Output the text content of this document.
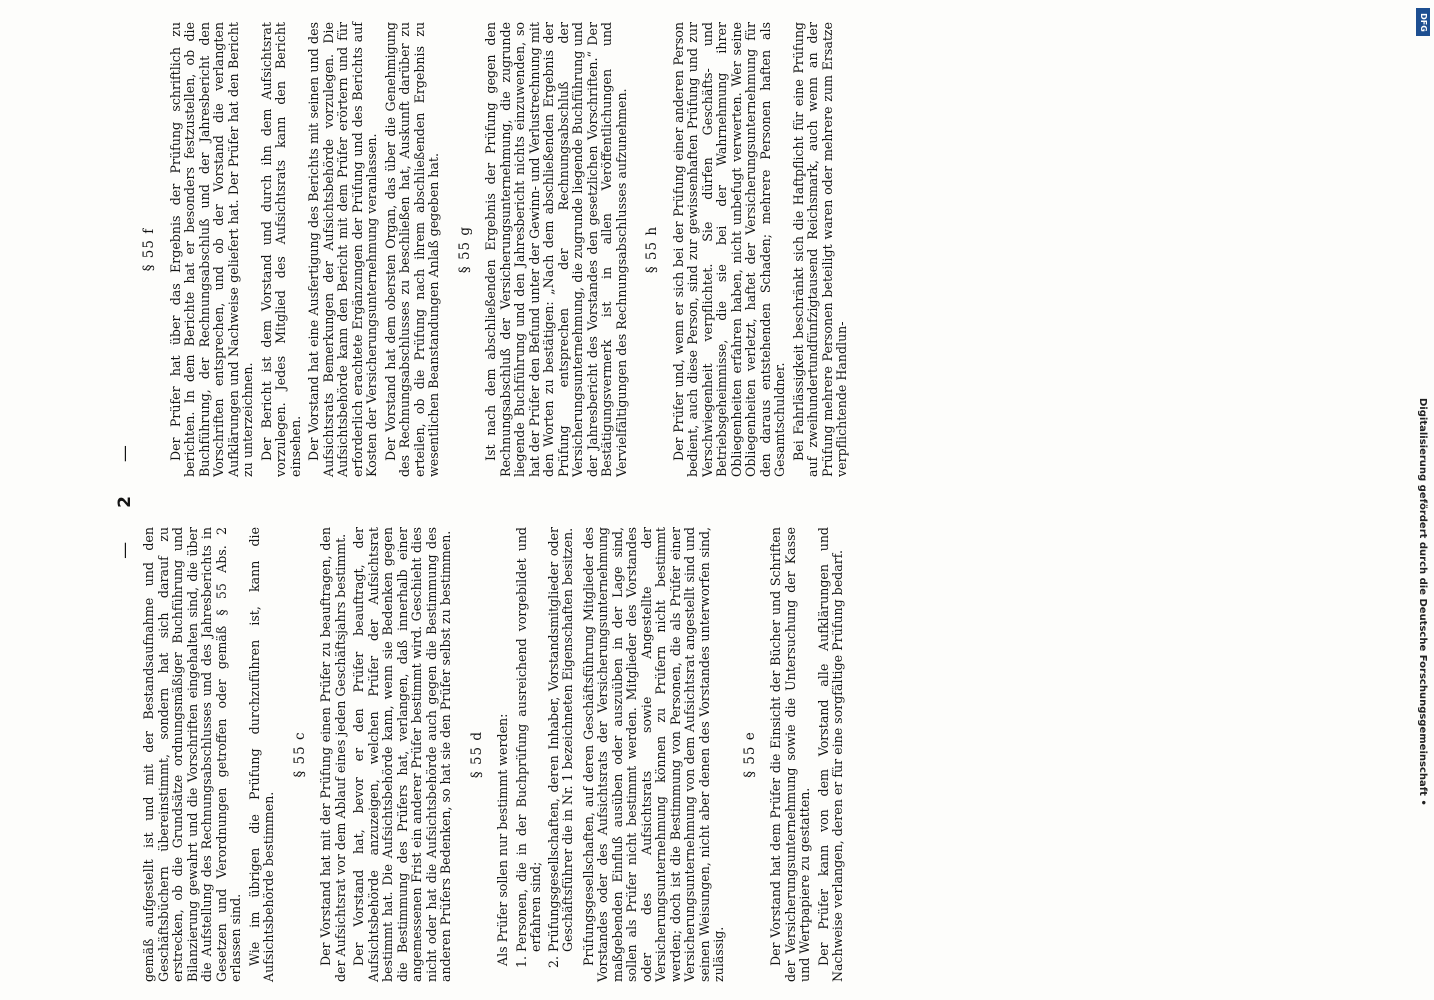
— 2 —

gemäß aufgestellt ist und mit der Bestandsaufnahme und den Geschäftsbüchern übereinstimmt, sondern hat sich darauf zu erstrecken, ob die Grundsätze ordnungsmäßiger Buchführung und Bilanzierung gewahrt und die Vorschriften eingehalten sind, die über die Aufstellung des Rechnungsabschlusses und des Jahresberichts in Gesetzen und Verordnungen getroffen oder gemäß § 55 Abs. 2 erlassen sind. Wie im übrigen die Prüfung durchzuführen ist, kann die Aufsichtsbehörde bestimmen.

§ 55 c Der Vorstand hat mit der Prüfung einen Prüfer zu beauftragen, den der Aufsichtsrat vor dem Ablauf eines jeden Geschäftsjahrs bestimmt. Der Vorstand hat, bevor er den Prüfer beauftragt, der Aufsichtsbehörde anzuzeigen, welchen Prüfer der Aufsichtsrat bestimmt hat. Die Aufsichtsbehörde kann, wenn sie Bedenken gegen die Bestimmung des Prüfers hat, verlangen, daß innerhalb einer angemessenen Frist ein anderer Prüfer bestimmt wird. Geschieht dies nicht oder hat die Aufsichtsbehörde auch gegen die Bestimmung des anderen Prüfers Bedenken, so hat sie den Prüfer selbst zu bestimmen. § 55 d Als Prüfer sollen nur bestimmt werden: 1. Personen, die in der Buchprüfung ausreichend vorgebildet und erfahren sind; 2. Prüfungsgesellschaften, deren Inhaber, Vorstandsmitglieder oder Geschäftsführer die in Nr. 1 bezeichneten Eigenschaften besitzen. Prüfungsgesellschaften, auf deren Geschäftsführung Mitglieder des Vorstandes oder des Aufsichtsrats der Versicherungsunternehmung maßgebenden Einfluß ausüben oder auszuüben in der Lage sind, sollen als Prüfer nicht bestimmt werden. Mitglieder des Vorstandes oder des Aufsichtsrats sowie Angestellte der Versicherungsunternehmung können zu Prüfern nicht bestimmt werden; doch ist die Bestimmung von Personen, die als Prüfer einer Versicherungsunternehmung von dem Aufsichtsrat angestellt sind und seinen Weisungen, nicht aber denen des Vorstandes unterworfen sind, zulässig.

§ 55 e Der Vorstand hat dem Prüfer die Einsicht der Bücher und Schriften der Versicherungsunternehmung sowie die Untersuchung der Kasse und Wertpapiere zu gestatten. Der Prüfer kann von dem Vorstand alle Aufklärungen und Nachweise verlangen, deren er für eine sorgfältige Prüfung bedarf.

§ 55 f Der Prüfer hat über das Ergebnis der Prüfung schriftlich zu berichten. In dem Berichte hat er besonders festzustellen, ob die Buchführung, der Rechnungsabschluß und der Jahresbericht den Vorschriften entsprechen, und ob der Vorstand die verlangten Aufklärungen und Nachweise geliefert hat. Der Prüfer hat den Bericht zu unterzeichnen. Der Bericht ist dem Vorstand und durch ihn dem Aufsichtsrat vorzulegen. Jedes Mitglied des Aufsichtsrats kann den Bericht einsehen. Der Vorstand hat eine Ausfertigung des Berichts mit seinen und des Aufsichtsrats Bemerkungen der Aufsichtsbehörde vorzulegen. Die Aufsichtsbehörde kann den Bericht mit dem Prüfer erörtern und für erforderlich erachtete Ergänzungen der Prüfung und des Berichts auf Kosten der Versicherungsunternehmung veranlassen. Der Vorstand hat dem obersten Organ, das über die Genehmigung des Rechnungsabschlusses zu beschließen hat, Auskunft darüber zu erteilen, ob die Prüfung nach ihrem abschließenden Ergebnis zu wesentlichen Beanstandungen Anlaß gegeben hat. § 55 g Ist nach dem abschließenden Ergebnis der Prüfung gegen den Rechnungsabschluß der Versicherungsunternehmung, die zugrunde liegende Buchführung und den Jahresbericht nichts einzuwenden, so hat der Prüfer den Befund unter der Gewinn- und Verlustrechnung mit den Worten zu bestätigen: „Nach dem abschließenden Ergebnis der Prüfung entsprechen der Rechnungsabschluß der Versicherungsunternehmung, die zugrunde liegende Buchführung und der Jahresbericht des Vorstandes den gesetzlichen Vorschriften.“ Der Bestätigungsvermerk ist in allen Veröffentlichungen und Vervielfältigungen des Rechnungsabschlusses aufzunehmen. § 55 h Der Prüfer und, wenn er sich bei der Prüfung einer anderen Person bedient, auch diese Person, sind zur gewissenhaften Prüfung und zur Verschwiegenheit verpflichtet. Sie dürfen Geschäfts- und Betriebsgeheimnisse, die sie bei der Wahrnehmung ihrer Obliegenheiten erfahren haben, nicht unbefugt verwerten. Wer seine Obliegenheiten verletzt, haftet der Versicherungsunternehmung für den daraus entstehenden Schaden; mehrere Personen haften als Gesamtschuldner. Bei Fahrlässigkeit beschränkt sich die Haftpflicht für eine Prüfung auf zweihundertundfünfzigtausend Reichsmark, auch wenn an der Prüfung mehrere Personen beteiligt waren oder mehrere zum Ersatze verpflichtende Handlun-

DFG
Digitalisierung gefördert durch die Deutsche Forschungsgemeinschaft •
